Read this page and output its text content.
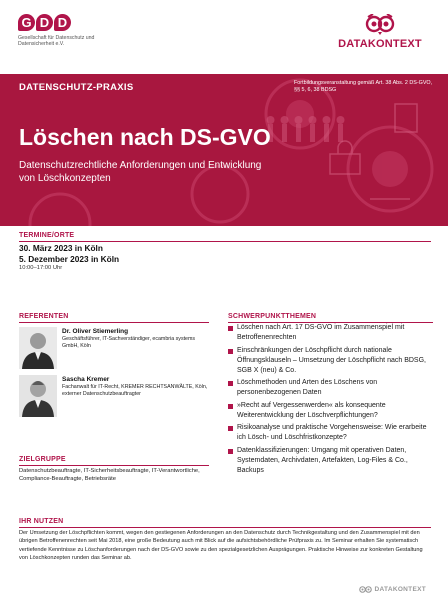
G D D
Gesellschaft für Datenschutz und Datensicherheit e.V.	DATAKONTEXT
DATENSCHUTZ-PRAXIS	Fortbildungsveranstaltung gemäß Art. 38 Abs. 2 DS-GVO, §§ 5, 6, 38 BDSG
Löschen nach DS-GVO
Datenschutzrechtliche Anforderungen und Entwicklung von Löschkonzepten
TERMINE/ORTE
30. März 2023 in Köln
5. Dezember 2023 in Köln
10:00–17:00 Uhr
REFERENTEN
Dr. Oliver Stiemerling
Geschäftsführer, IT-Sachverständiger, ecambria systems GmbH, Köln
Sascha Kremer
Fachanwalt für IT-Recht, KREMER RECHTSANWÄLTE, Köln, externer Datenschutzbeauftragter
ZIELGRUPPE
Datenschutzbeauftragte, IT-Sicherheitsbeauftragte, IT-Verantwortliche, Compliance-Beauftragte, Betriebsräte
SCHWERPUNKTTHEMEN
Löschen nach Art. 17 DS-GVO im Zusammenspiel mit Betroffenenrechten
Einschränkungen der Löschpflicht durch nationale Öffnungsklauseln – Umsetzung der Löschpflicht nach BDSG, SGB X (neu) & Co.
Löschmethoden und Arten des Löschens von personenbezogenen Daten
»Recht auf Vergessenwerden« als konsequente Weiterentwicklung der Löschverpflichtungen?
Risikoanalyse und praktische Vorgehensweise: Wie erarbeite ich Lösch- und Löschfristkonzepte?
Datenklassifizierungen: Umgang mit operativen Daten, Systemdaten, Archivdaten, Artefakten, Log-Files & Co., Backups
IHR NUTZEN
Der Umsetzung der Löschpflichten kommt, wegen den gestiegenen Anforderungen an den Datenschutz durch Technikgestaltung und den Zusammenspiel mit den übrigen Betroffenenrechten seit Mai 2018, eine große Bedeutung auch mit Blick auf die aufsichtsbehördliche Prüfpraxis zu. Im Seminar erhalten Sie systematisch vertiefende Kenntnisse zu Löschanforderungen nach der DS-GVO sowie zu den spezialgesetzlichen Ausprägungen. Praktische Hinweise zur konkreten Gestaltung von Löschkonzepten runden das Seminar ab.
DATAKONTEXT
